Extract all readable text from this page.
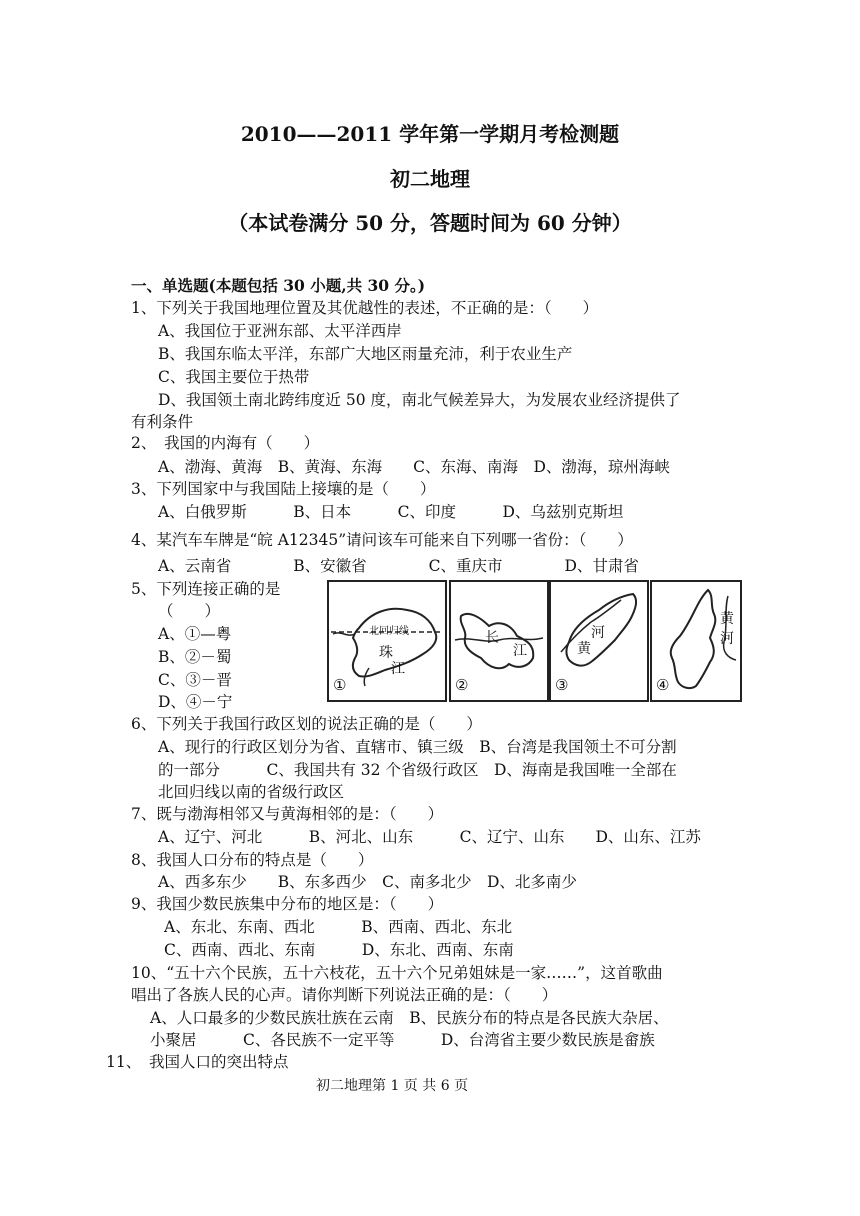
2010——2011 学年第一学期月考检测题
初二地理
（本试卷满分 50 分，答题时间为 60 分钟）
一、单选题(本题包括 30 小题,共 30 分。)
1、下列关于我国地理位置及其优越性的表述，不正确的是：（　　）
A、我国位于亚洲东部、太平洋西岸
B、我国东临太平洋，东部广大地区雨量充沛，利于农业生产
C、我国主要位于热带
D、我国领土南北跨纬度近 50 度，南北气候差异大，为发展农业经济提供了
有利条件
2、　我国的内海有（　　）
A、渤海、黄海　B、黄海、东海　　C、东海、南海　D、渤海，琼州海峡
3、下列国家中与我国陆上接壤的是（　　）
A、白俄罗斯　　　B、日本　　　C、印度　　　D、乌兹别克斯坦
4、某汽车车牌是“皖 A12345”请问该车可能来自下列哪一省份：（　　）
A、云南省　　　　B、安徽省　　　　C、重庆市　　　　D、甘肃省
5、下列连接正确的是
（　　）
A、①—粤
B、②－蜀
C、③－晋
D、④－宁
北回归线
珠
江
①
长
江
②
河
黄
③
黄
河
④
6、下列关于我国行政区划的说法正确的是（　　）
A、现行的行政区划分为省、直辖市、镇三级　B、台湾是我国领土不可分割
的一部分　　　C、我国共有 32 个省级行政区　D、海南是我国唯一全部在
北回归线以南的省级行政区
7、既与渤海相邻又与黄海相邻的是：（　　）
A、辽宁、河北　　　B、河北、山东　　　C、辽宁、山东　　D、山东、江苏
8、我国人口分布的特点是（　　）
A、西多东少　　B、东多西少　C、南多北少　D、北多南少
9、我国少数民族集中分布的地区是：（　　）
A、东北、东南、西北　　　B、西南、西北、东北
C、西南、西北、东南　　　D、东北、西南、东南
10、“五十六个民族，五十六枝花，五十六个兄弟姐妹是一家……”，这首歌曲
唱出了各族人民的心声。请你判断下列说法正确的是：（　　）
A、人口最多的少数民族壮族在云南　B、民族分布的特点是各民族大杂居、
小聚居　　　C、各民族不一定平等　　　D、台湾省主要少数民族是畲族
11、　我国人口的突出特点
初二地理第 1 页 共 6 页
